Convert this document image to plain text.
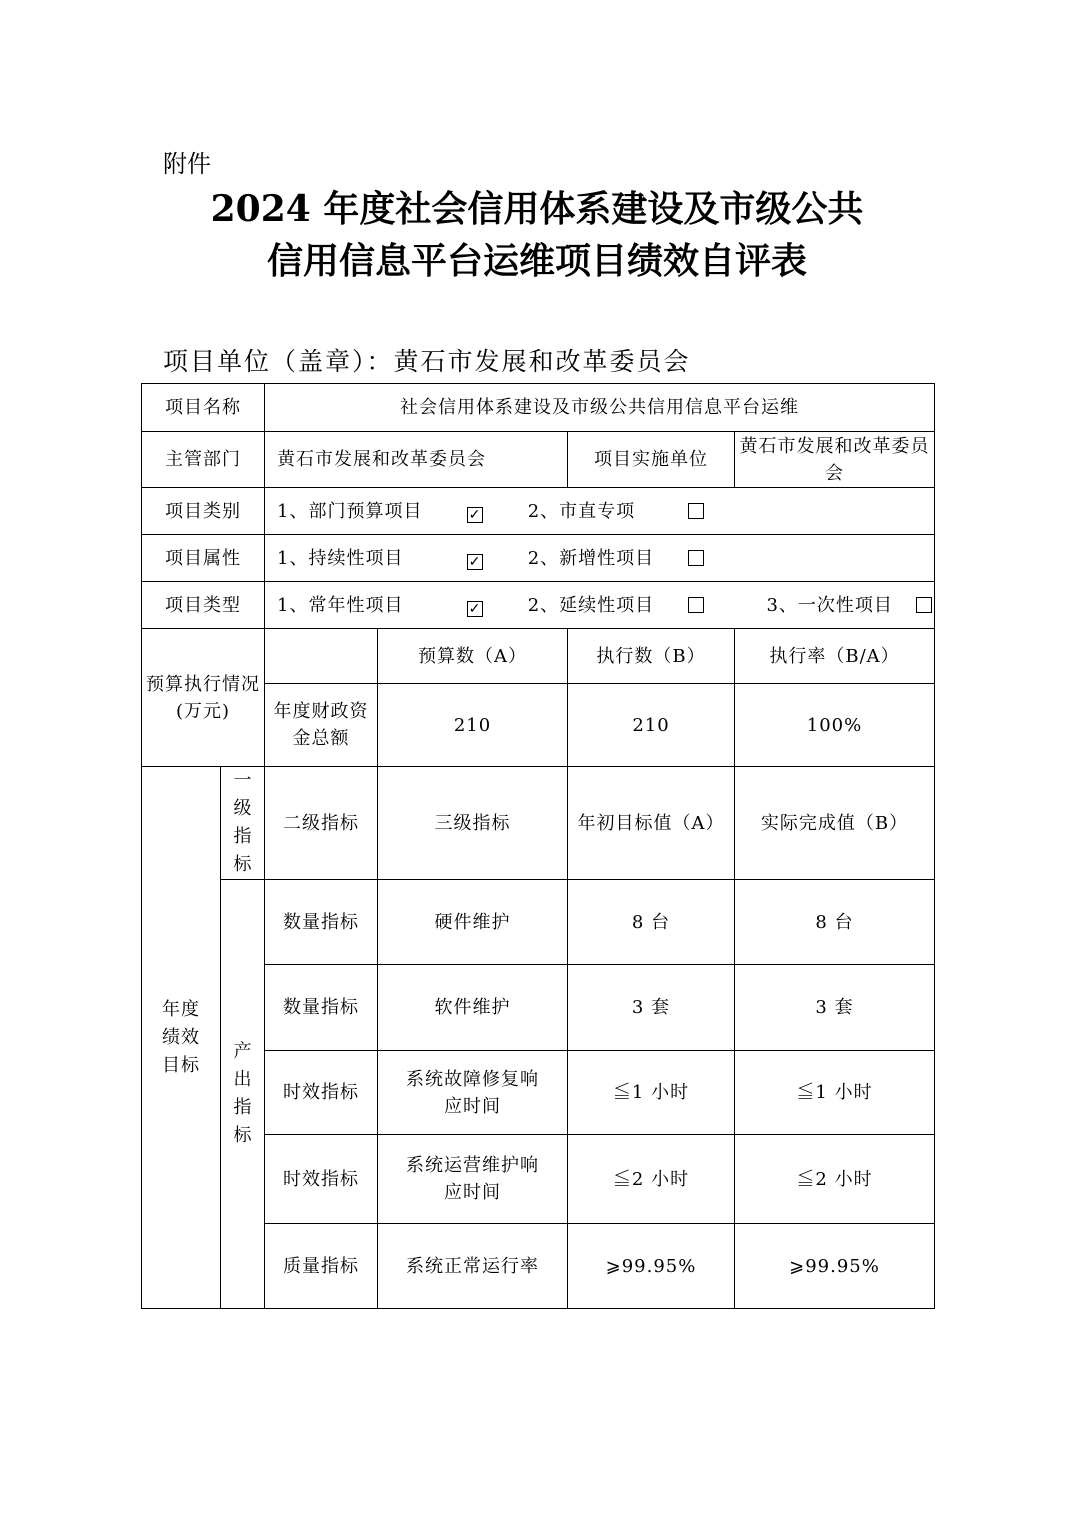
附件
2024 年度社会信用体系建设及市级公共
信用信息平台运维项目绩效自评表
项目单位（盖章）：黄石市发展和改革委员会
项目名称		社会信用体系建设及市级公共信用信息平台运维			
主管部门		黄石市发展和改革委员会		项目实施单位	黄石市发展和改革委员会
项目类别		1、部门预算项目 ✓ 2、市直专项			
项目属性		1、持续性项目 ✓ 2、新增性项目			
项目类型		1、常年性项目 ✓ 2、延续性项目 3、一次性项目			
预算执行情况(万元)			预算数（A）	执行数（B）	执行率（B/A）
		年度财政资金总额	210	210	100%

年度绩效目标	一级指标	二级指标	三级指标	年初目标值（A）	实际完成值（B）

	产出指标	数量指标	硬件维护	8 台	8 台
		数量指标	软件维护	3 套	3 套
		时效指标	系统故障修复响应时间	≦1 小时	≦1 小时
		时效指标	系统运营维护响应时间	≦2 小时	≦2 小时
		质量指标	系统正常运行率	⩾99.95%	⩾99.95%
